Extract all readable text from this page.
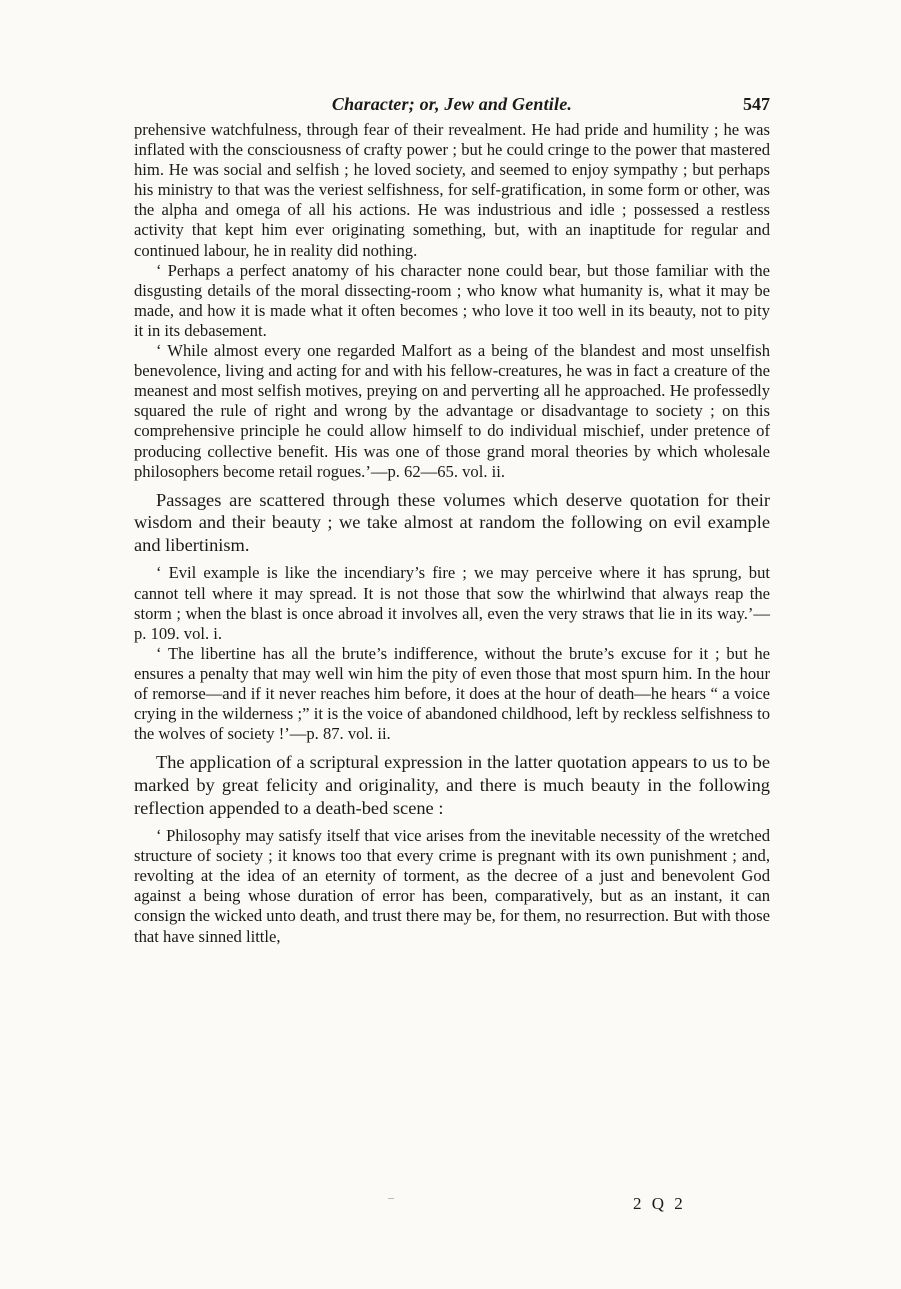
Character; or, Jew and Gentile.	547

prehensive watchfulness, through fear of their revealment. He had pride and humility ; he was inflated with the consciousness of crafty power ; but he could cringe to the power that mastered him. He was social and selfish ; he loved society, and seemed to enjoy sympathy ; but perhaps his ministry to that was the veriest selfishness, for self-gratification, in some form or other, was the alpha and omega of all his actions. He was industrious and idle ; possessed a restless activity that kept him ever originating something, but, with an inaptitude for regular and continued labour, he in reality did nothing.

‘ Perhaps a perfect anatomy of his character none could bear, but those familiar with the disgusting details of the moral dissecting-room ; who know what humanity is, what it may be made, and how it is made what it often becomes ; who love it too well in its beauty, not to pity it in its debasement.

‘ While almost every one regarded Malfort as a being of the blandest and most unselfish benevolence, living and acting for and with his fellow-creatures, he was in fact a creature of the meanest and most selfish motives, preying on and perverting all he approached. He professedly squared the rule of right and wrong by the advantage or disadvantage to society ; on this comprehensive principle he could allow himself to do individual mischief, under pretence of producing collective benefit. His was one of those grand moral theories by which wholesale philosophers become retail rogues.’—p. 62—65. vol. ii.

Passages are scattered through these volumes which deserve quotation for their wisdom and their beauty ; we take almost at random the following on evil example and libertinism.

‘ Evil example is like the incendiary’s fire ; we may perceive where it has sprung, but cannot tell where it may spread. It is not those that sow the whirlwind that always reap the storm ; when the blast is once abroad it involves all, even the very straws that lie in its way.’—p. 109. vol. i.

‘ The libertine has all the brute’s indifference, without the brute’s excuse for it ; but he ensures a penalty that may well win him the pity of even those that most spurn him. In the hour of remorse—and if it never reaches him before, it does at the hour of death—he hears “ a voice crying in the wilderness ;” it is the voice of abandoned childhood, left by reckless selfishness to the wolves of society !’—p. 87. vol. ii.

The application of a scriptural expression in the latter quotation appears to us to be marked by great felicity and originality, and there is much beauty in the following reflection appended to a death-bed scene :

‘ Philosophy may satisfy itself that vice arises from the inevitable necessity of the wretched structure of society ; it knows too that every crime is pregnant with its own punishment ; and, revolting at the idea of an eternity of torment, as the decree of a just and benevolent God against a being whose duration of error has been, comparatively, but as an instant, it can consign the wicked unto death, and trust there may be, for them, no resurrection. But with those that have sinned little,

2 Q 2
